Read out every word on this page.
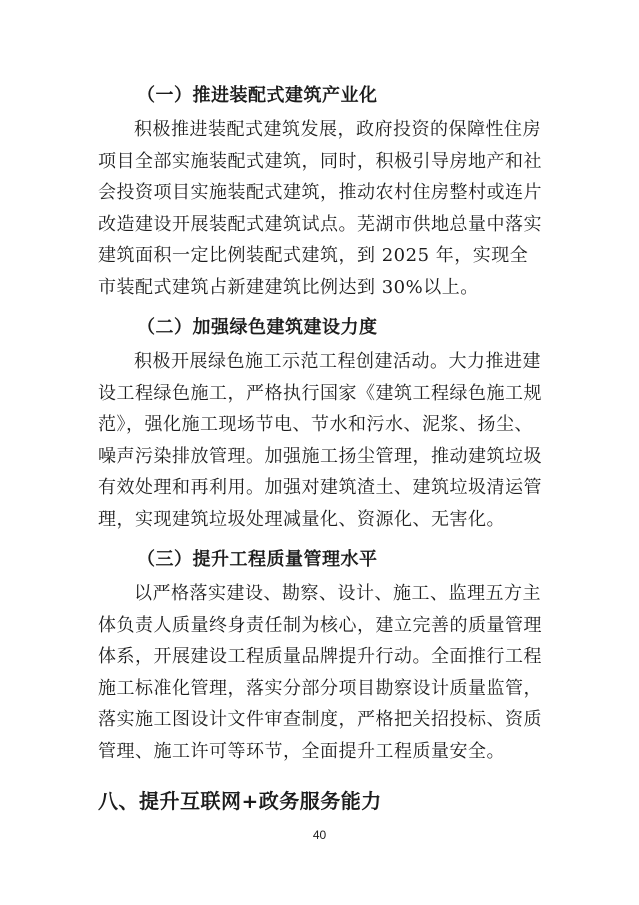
（一）推进装配式建筑产业化

积极推进装配式建筑发展，政府投资的保障性住房项目全部实施装配式建筑，同时，积极引导房地产和社会投资项目实施装配式建筑，推动农村住房整村或连片改造建设开展装配式建筑试点。芜湖市供地总量中落实建筑面积一定比例装配式建筑，到 2025 年，实现全市装配式建筑占新建建筑比例达到 30%以上。

（二）加强绿色建筑建设力度

积极开展绿色施工示范工程创建活动。大力推进建设工程绿色施工，严格执行国家《建筑工程绿色施工规范》，强化施工现场节电、节水和污水、泥浆、扬尘、噪声污染排放管理。加强施工扬尘管理，推动建筑垃圾有效处理和再利用。加强对建筑渣土、建筑垃圾清运管理，实现建筑垃圾处理减量化、资源化、无害化。

（三）提升工程质量管理水平

以严格落实建设、勘察、设计、施工、监理五方主体负责人质量终身责任制为核心，建立完善的质量管理体系，开展建设工程质量品牌提升行动。全面推行工程施工标准化管理，落实分部分项目勘察设计质量监管，落实施工图设计文件审查制度，严格把关招投标、资质管理、施工许可等环节，全面提升工程质量安全。

八、提升互联网+政务服务能力

40
